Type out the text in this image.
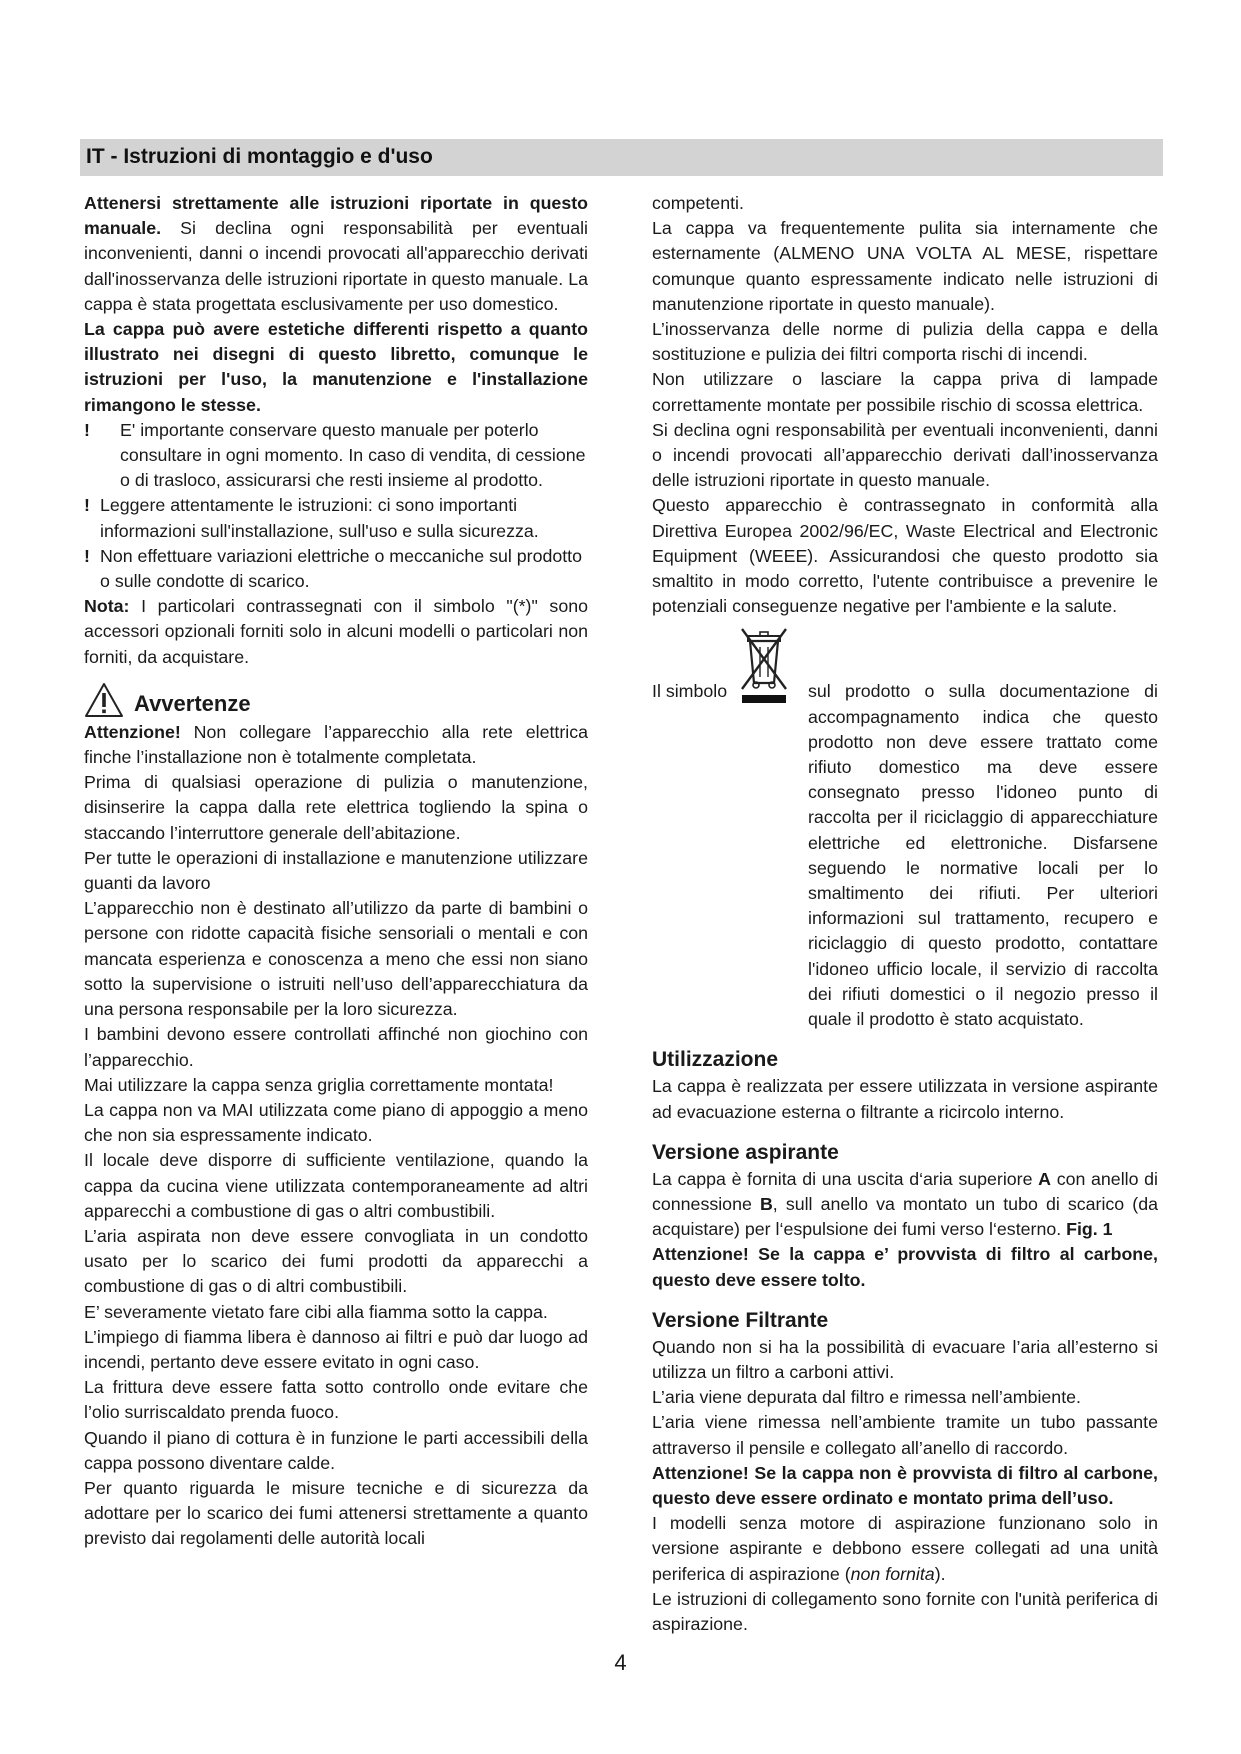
IT - Istruzioni di montaggio e d'uso

Attenersi strettamente alle istruzioni riportate in questo manuale. Si declina ogni responsabilità per eventuali inconvenienti, danni o incendi provocati all'apparecchio derivati dall'inosservanza delle istruzioni riportate in questo manuale. La cappa è stata progettata esclusivamente per uso domestico.

La cappa può avere estetiche differenti rispetto a quanto illustrato nei disegni di questo libretto, comunque le istruzioni per l'uso, la manutenzione e l'installazione rimangono le stesse.

!	E' importante conservare questo manuale per poterlo consultare in ogni momento. In caso di vendita, di cessione o di trasloco, assicurarsi che resti insieme al prodotto.
! Leggere attentamente le istruzioni: ci sono importanti informazioni sull'installazione, sull'uso e sulla sicurezza.
! Non effettuare variazioni elettriche o meccaniche sul prodotto o sulle condotte di scarico.

Nota: I particolari contrassegnati con il simbolo "(*)" sono accessori opzionali forniti solo in alcuni modelli o particolari non forniti, da acquistare.

Avvertenze

Attenzione! Non collegare l’apparecchio alla rete elettrica finche l’installazione non è totalmente completata.

Prima di qualsiasi operazione di pulizia o manutenzione, disinserire la cappa dalla rete elettrica togliendo la spina o staccando l’interruttore generale dell’abitazione.

Per tutte le operazioni di installazione e manutenzione utilizzare guanti da lavoro

L’apparecchio non è destinato all’utilizzo da parte di bambini o persone con ridotte capacità fisiche sensoriali o mentali e con mancata esperienza e conoscenza a meno che essi non siano sotto la supervisione o istruiti nell’uso dell’apparecchiatura da una persona responsabile per la loro sicurezza.

I bambini devono essere controllati affinché non giochino con l’apparecchio.

Mai utilizzare la cappa senza griglia correttamente montata!

La cappa non va MAI utilizzata come piano di appoggio a meno che non sia espressamente indicato.

Il locale deve disporre di sufficiente ventilazione, quando la cappa da cucina viene utilizzata contemporaneamente ad altri apparecchi a combustione di gas o altri combustibili.

L’aria aspirata non deve essere convogliata in un condotto usato per lo scarico dei fumi prodotti da apparecchi a combustione di gas o di altri combustibili.

E’ severamente vietato fare cibi alla fiamma sotto la cappa.

L’impiego di fiamma libera è dannoso ai filtri e può dar luogo ad incendi, pertanto deve essere evitato in ogni caso.

La frittura deve essere fatta sotto controllo onde evitare che l’olio surriscaldato prenda fuoco.

Quando il piano di cottura è in funzione le parti accessibili della cappa possono diventare calde.

Per quanto riguarda le misure tecniche e di sicurezza da adottare per lo scarico dei fumi attenersi strettamente a quanto previsto dai regolamenti delle autorità locali

competenti.

La cappa va frequentemente pulita sia internamente che esternamente (ALMENO UNA VOLTA AL MESE, rispettare comunque quanto espressamente indicato nelle istruzioni di manutenzione riportate in questo manuale).

L’inosservanza delle norme di pulizia della cappa e della sostituzione e pulizia dei filtri comporta rischi di incendi.

Non utilizzare o lasciare la cappa priva di lampade correttamente montate per possibile rischio di scossa elettrica.

Si declina ogni responsabilità per eventuali inconvenienti, danni o incendi provocati all’apparecchio derivati dall’inosservanza delle istruzioni riportate in questo manuale.

Questo apparecchio è contrassegnato in conformità alla Direttiva Europea 2002/96/EC, Waste Electrical and Electronic Equipment (WEEE). Assicurandosi che questo prodotto sia smaltito in modo corretto, l'utente contribuisce a prevenire le potenziali conseguenze negative per l'ambiente e la salute.

Il simbolo	sul prodotto o sulla documentazione di accompagnamento indica che questo prodotto non deve essere trattato come rifiuto domestico ma deve essere consegnato presso l'idoneo punto di raccolta per il riciclaggio di apparecchiature elettriche ed elettroniche. Disfarsene seguendo le normative locali per lo smaltimento dei rifiuti. Per ulteriori informazioni sul trattamento, recupero e riciclaggio di questo prodotto, contattare l'idoneo ufficio locale, il servizio di raccolta dei rifiuti domestici o il negozio presso il quale il prodotto è stato acquistato.
Utilizzazione

La cappa è realizzata per essere utilizzata in versione aspirante ad evacuazione esterna o filtrante a ricircolo interno.

Versione aspirante

La cappa è fornita di una uscita d‘aria superiore A con anello di connessione B, sull anello va montato un tubo di scarico (da acquistare) per l‘espulsione dei fumi verso l‘esterno. Fig. 1

Attenzione! Se la cappa e’ provvista di filtro al carbone, questo deve essere tolto.

Versione Filtrante

Quando non si ha la possibilità di evacuare l’aria all’esterno si utilizza un filtro a carboni attivi.

L’aria viene depurata dal filtro e rimessa nell’ambiente.

L’aria viene rimessa nell’ambiente tramite un tubo passante attraverso il pensile e collegato all’anello di raccordo.

Attenzione! Se la cappa non è provvista di filtro al carbone, questo deve essere ordinato e montato prima dell’uso.

I modelli senza motore di aspirazione funzionano solo in versione aspirante e debbono essere collegati ad una unità periferica di aspirazione (non fornita).

Le istruzioni di collegamento sono fornite con l'unità periferica di aspirazione.

4
